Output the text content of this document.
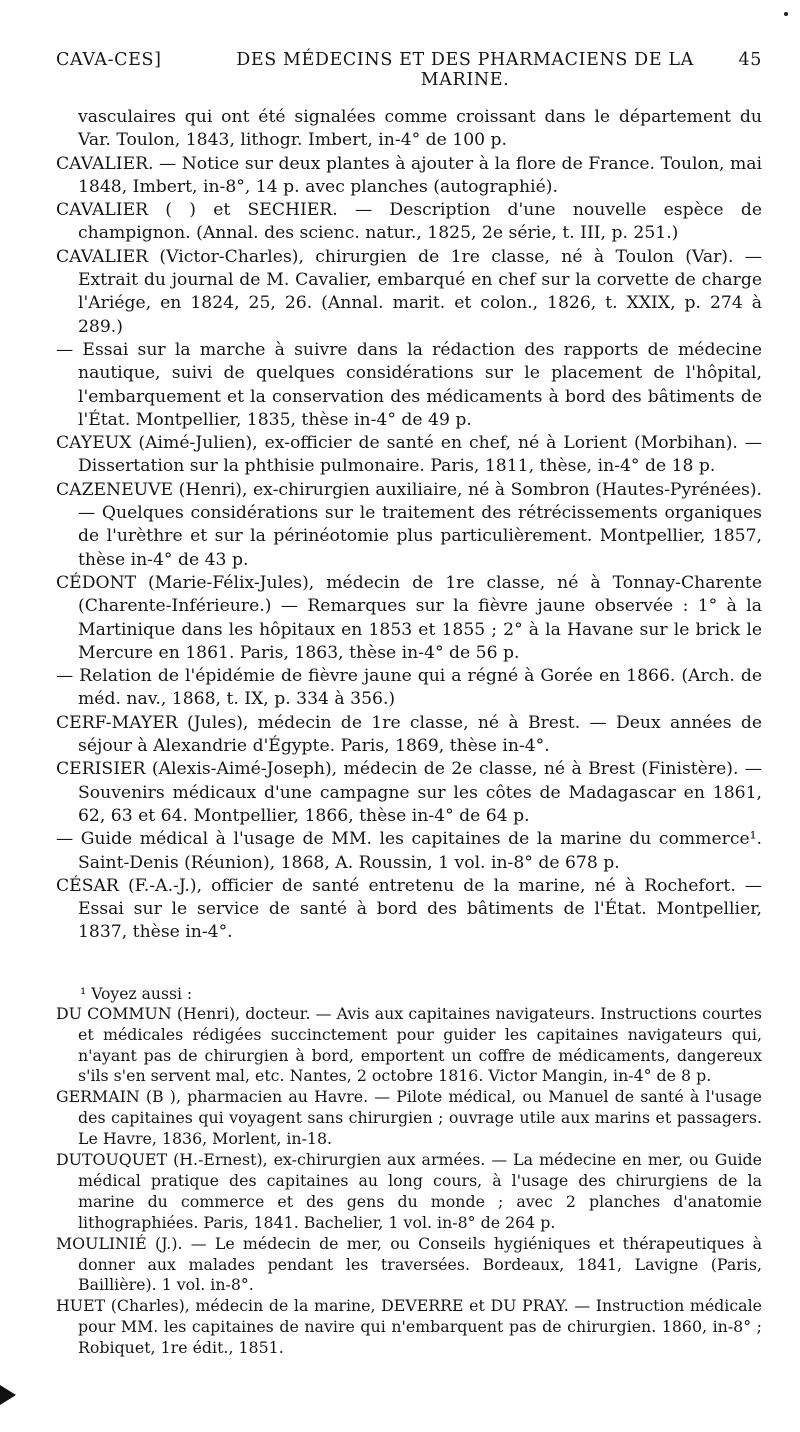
CAVA-CES]	DES MÉDECINS ET DES PHARMACIENS DE LA MARINE.
45

vasculaires qui ont été signalées comme croissant dans le département du Var. Toulon, 1843, lithogr. Imbert, in-4° de 100 p.

CAVALIER. — Notice sur deux plantes à ajouter à la flore de France. Toulon, mai 1848, Imbert, in-8°, 14 p. avec planches (autographié).

CAVALIER ( ) et SECHIER. — Description d'une nouvelle espèce de champignon. (Annal. des scienc. natur., 1825, 2e série, t. III, p. 251.)

CAVALIER (Victor-Charles), chirurgien de 1re classe, né à Toulon (Var). — Extrait du journal de M. Cavalier, embarqué en chef sur la corvette de charge l'Ariége, en 1824, 25, 26. (Annal. marit. et colon., 1826, t. XXIX, p. 274 à 289.)

— Essai sur la marche à suivre dans la rédaction des rapports de médecine nautique, suivi de quelques considérations sur le placement de l'hôpital, l'embarquement et la conservation des médicaments à bord des bâtiments de l'État. Montpellier, 1835, thèse in-4° de 49 p.

CAYEUX (Aimé-Julien), ex-officier de santé en chef, né à Lorient (Morbihan). — Dissertation sur la phthisie pulmonaire. Paris, 1811, thèse, in-4° de 18 p.

CAZENEUVE (Henri), ex-chirurgien auxiliaire, né à Sombron (Hautes-Pyrénées). — Quelques considérations sur le traitement des rétrécissements organiques de l'urèthre et sur la périnéotomie plus particulièrement. Montpellier, 1857, thèse in-4° de 43 p.

CÉDONT (Marie-Félix-Jules), médecin de 1re classe, né à Tonnay-Charente (Charente-Inférieure.) — Remarques sur la fièvre jaune observée : 1° à la Martinique dans les hôpitaux en 1853 et 1855 ; 2° à la Havane sur le brick le Mercure en 1861. Paris, 1863, thèse in-4° de 56 p.

— Relation de l'épidémie de fièvre jaune qui a régné à Gorée en 1866. (Arch. de méd. nav., 1868, t. IX, p. 334 à 356.)

CERF-MAYER (Jules), médecin de 1re classe, né à Brest. — Deux années de séjour à Alexandrie d'Égypte. Paris, 1869, thèse in-4°.

CERISIER (Alexis-Aimé-Joseph), médecin de 2e classe, né à Brest (Finistère). — Souvenirs médicaux d'une campagne sur les côtes de Madagascar en 1861, 62, 63 et 64. Montpellier, 1866, thèse in-4° de 64 p.

— Guide médical à l'usage de MM. les capitaines de la marine du commerce¹. Saint-Denis (Réunion), 1868, A. Roussin, 1 vol. in-8° de 678 p.

CÉSAR (F.-A.-J.), officier de santé entretenu de la marine, né à Rochefort. — Essai sur le service de santé à bord des bâtiments de l'État. Montpellier, 1837, thèse in-4°.

¹ Voyez aussi :

DU COMMUN (Henri), docteur. — Avis aux capitaines navigateurs. Instructions courtes et médicales rédigées succinctement pour guider les capitaines navigateurs qui, n'ayant pas de chirurgien à bord, emportent un coffre de médicaments, dangereux s'ils s'en servent mal, etc. Nantes, 2 octobre 1816. Victor Mangin, in-4° de 8 p.

GERMAIN (B ), pharmacien au Havre. — Pilote médical, ou Manuel de santé à l'usage des capitaines qui voyagent sans chirurgien ; ouvrage utile aux marins et passagers. Le Havre, 1836, Morlent, in-18.

DUTOUQUET (H.-Ernest), ex-chirurgien aux armées. — La médecine en mer, ou Guide médical pratique des capitaines au long cours, à l'usage des chirurgiens de la marine du commerce et des gens du monde ; avec 2 planches d'anatomie lithographiées. Paris, 1841. Bachelier, 1 vol. in-8° de 264 p.

MOULINIÉ (J.). — Le médecin de mer, ou Conseils hygiéniques et thérapeutiques à donner aux malades pendant les traversées. Bordeaux, 1841, Lavigne (Paris, Baillière). 1 vol. in-8°.

HUET (Charles), médecin de la marine, DEVERRE et DU PRAY. — Instruction médicale pour MM. les capitaines de navire qui n'embarquent pas de chirurgien. 1860, in-8° ; Robiquet, 1re édit., 1851.
